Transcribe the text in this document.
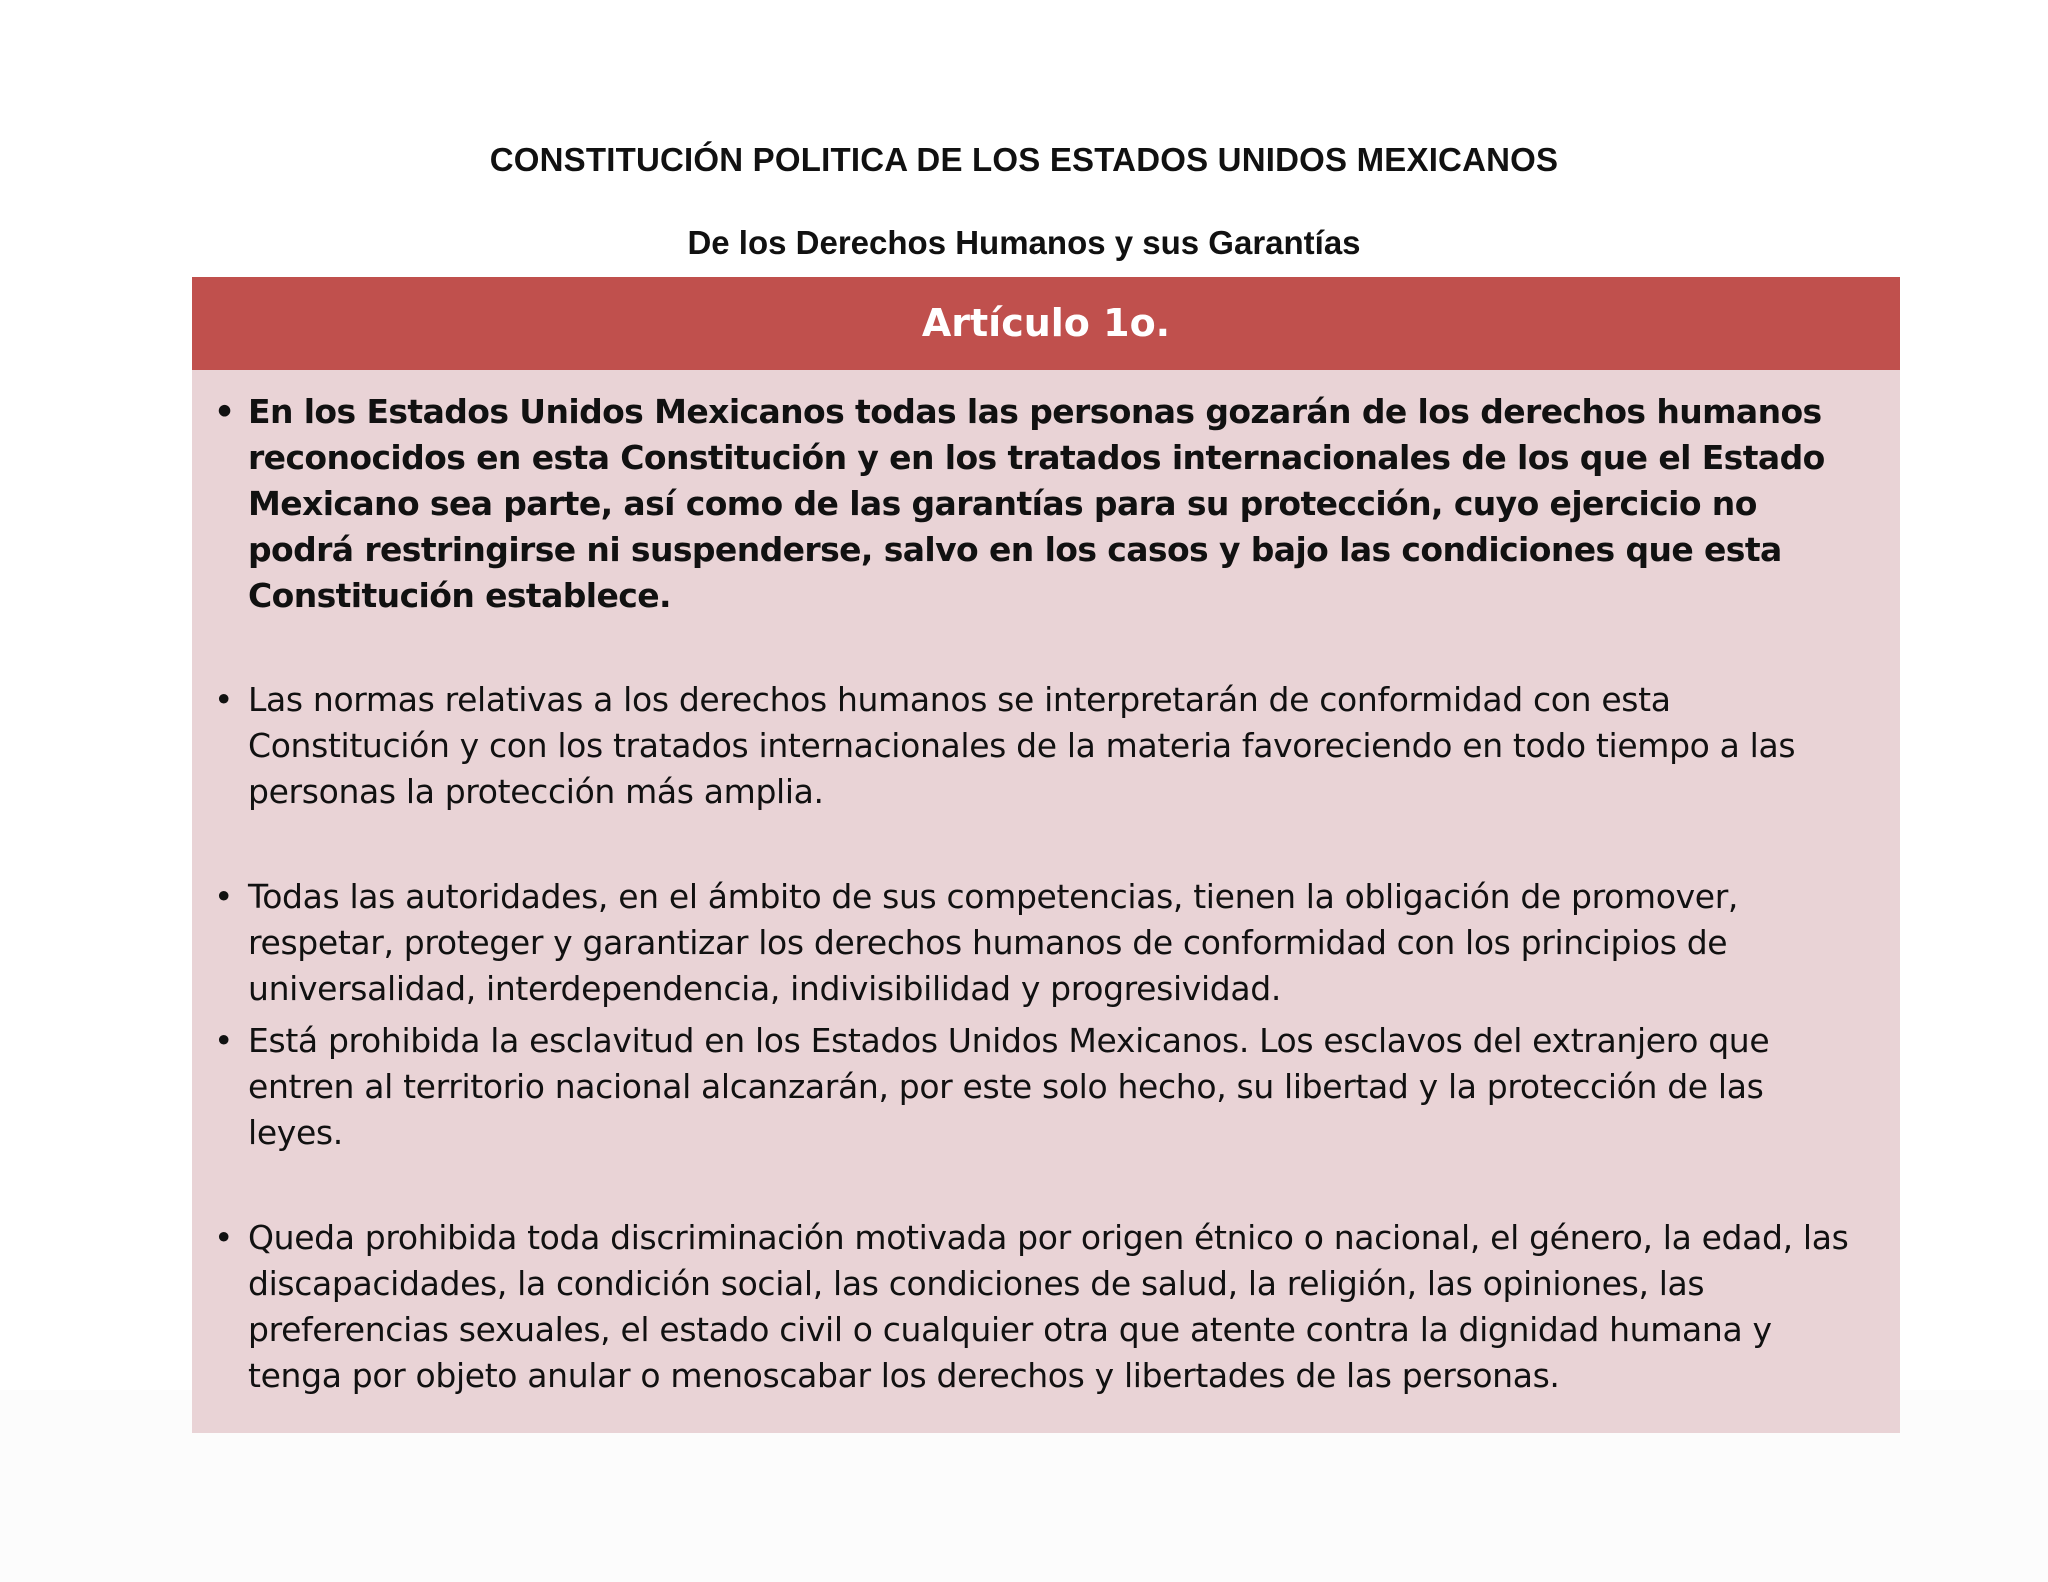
CONSTITUCIÓN POLITICA DE LOS ESTADOS UNIDOS MEXICANOS
De los Derechos Humanos y sus Garantías
Artículo 1o.
• En los Estados Unidos Mexicanos todas las personas gozarán de los derechos humanos reconocidos en esta Constitución y en los tratados internacionales de los que el Estado Mexicano sea parte, así como de las garantías para su protección, cuyo ejercicio no podrá restringirse ni suspenderse, salvo en los casos y bajo las condiciones que esta Constitución establece.
• Las normas relativas a los derechos humanos se interpretarán de conformidad con esta Constitución y con los tratados internacionales de la materia favoreciendo en todo tiempo a las personas la protección más amplia.
• Todas las autoridades, en el ámbito de sus competencias, tienen la obligación de promover, respetar, proteger y garantizar los derechos humanos de conformidad con los principios de universalidad, interdependencia, indivisibilidad y progresividad.
• Está prohibida la esclavitud en los Estados Unidos Mexicanos. Los esclavos del extranjero que entren al territorio nacional alcanzarán, por este solo hecho, su libertad y la protección de las leyes.
• Queda prohibida toda discriminación motivada por origen étnico o nacional, el género, la edad, las discapacidades, la condición social, las condiciones de salud, la religión, las opiniones, las preferencias sexuales, el estado civil o cualquier otra que atente contra la dignidad humana y tenga por objeto anular o menoscabar los derechos y libertades de las personas.
